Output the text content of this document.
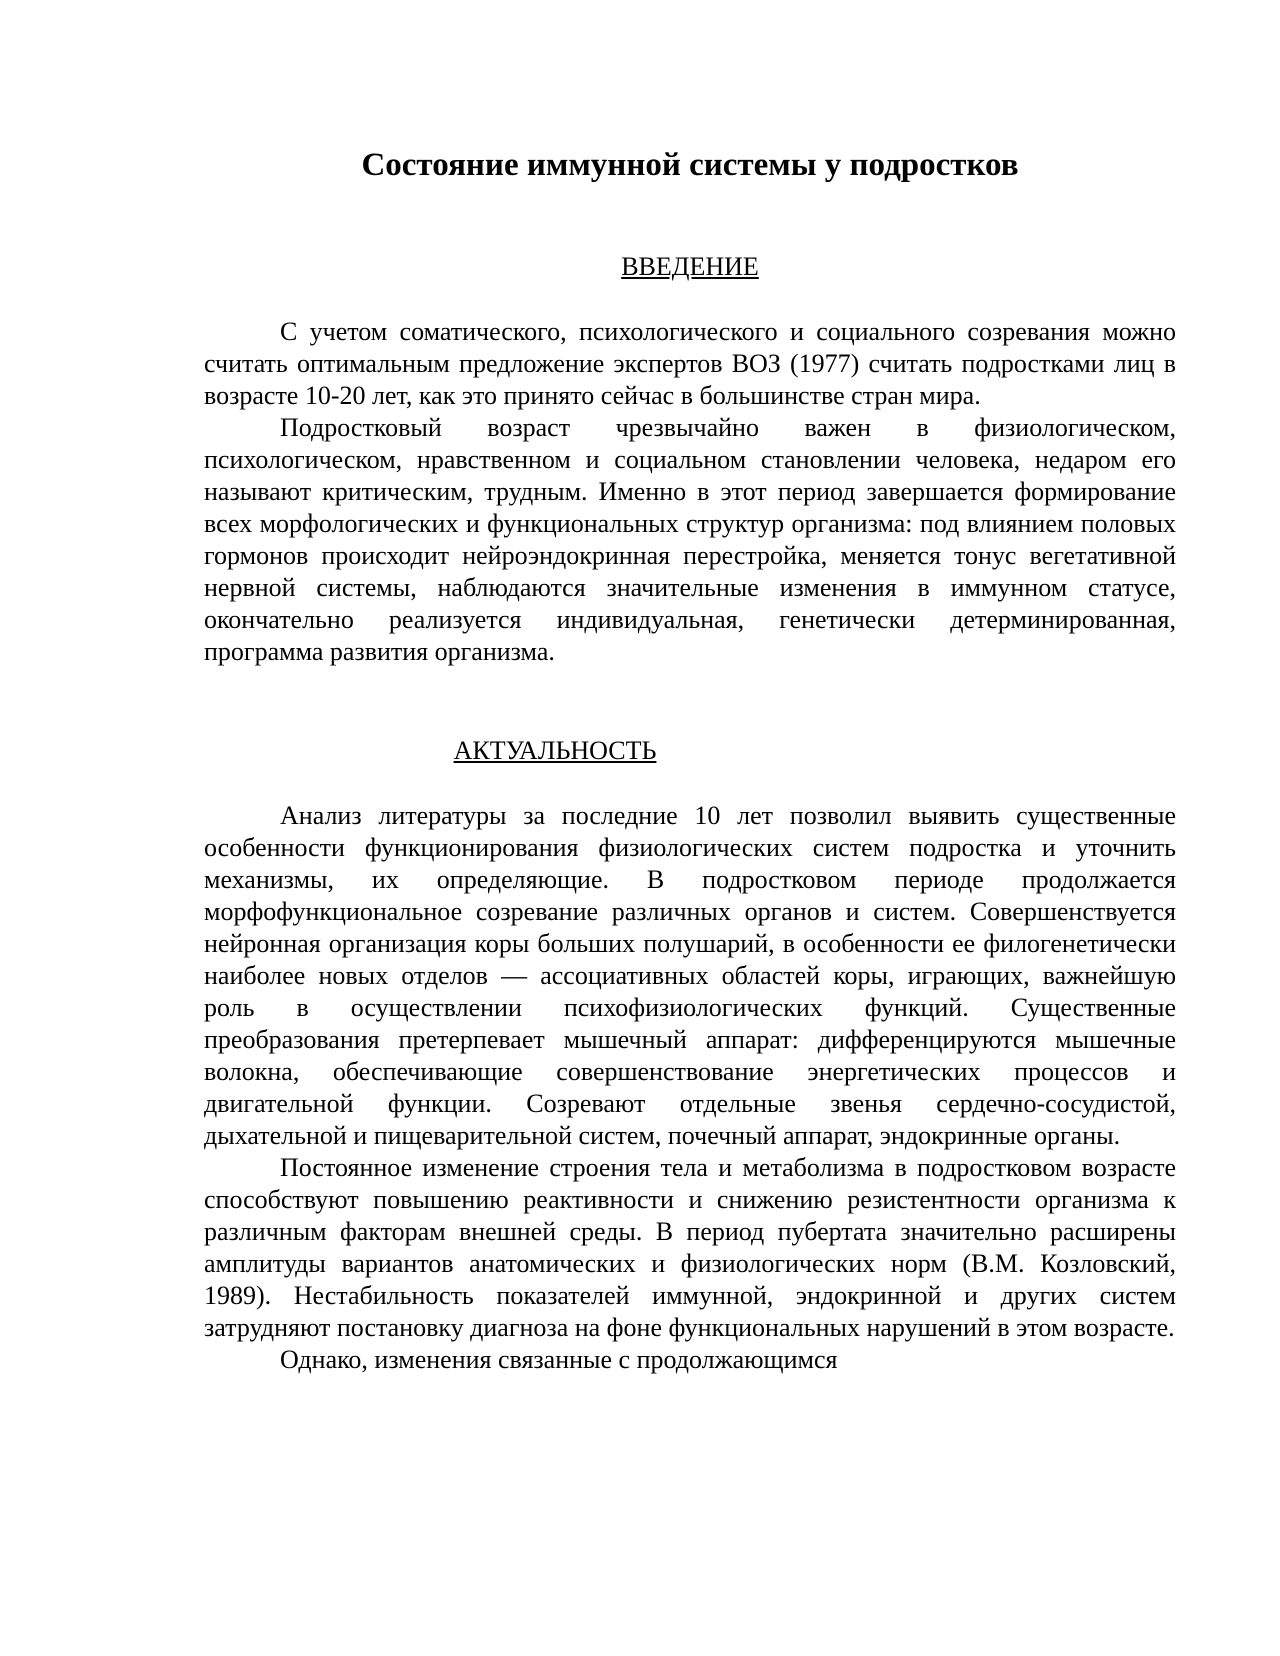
Состояние иммунной системы у подростков
ВВЕДЕНИЕ

С учетом соматического, психологического и социального созревания можно считать оптимальным предложение экспертов ВОЗ (1977) считать подростками лиц в возрасте 10-20 лет, как это принято сейчас в большинстве стран мира.

Подростковый возраст чрезвычайно важен в физиологическом, психологическом, нравственном и социальном становлении человека, недаром его называют критическим, трудным. Именно в этот период завершается формирование всех морфологических и функциональных структур организма: под влиянием половых гормонов происходит нейроэндокринная перестройка, меняется тонус вегетативной нервной системы, наблюдаются значительные изменения в иммунном статусе, окончательно реализуется индивидуальная, генетически детерминированная, программа развития организма.

АКТУАЛЬНОСТЬ

Анализ литературы за последние 10 лет позволил выявить существенные особенности функционирования физиологических систем подростка и уточнить механизмы, их определяющие. В подростковом периоде продолжается морфофункциональное созревание различных органов и систем. Совершенствуется нейронная организация коры больших полушарий, в особенности ее филогенетически наиболее новых отделов — ассоциативных областей коры, играющих, важнейшую роль в осуществлении психофизиологических функций. Существенные преобразования претерпевает мышечный аппарат: дифференцируются мышечные волокна, обеспечивающие совершенствование энергетических процессов и двигательной функции. Созревают отдельные звенья сердечно-сосудистой, дыхательной и пищеварительной систем, почечный аппарат, эндокринные органы.

Постоянное изменение строения тела и метаболизма в подростковом возрасте способствуют повышению реактивности и снижению резистентности организма к различным факторам внешней среды. В период пубертата значительно расширены амплитуды вариантов анатомических и физиологических норм (В.М. Козловский, 1989). Нестабильность показателей иммунной, эндокринной и других систем затрудняют постановку диагноза на фоне функциональных нарушений в этом возрасте.

Однако, изменения связанные с продолжающимся
